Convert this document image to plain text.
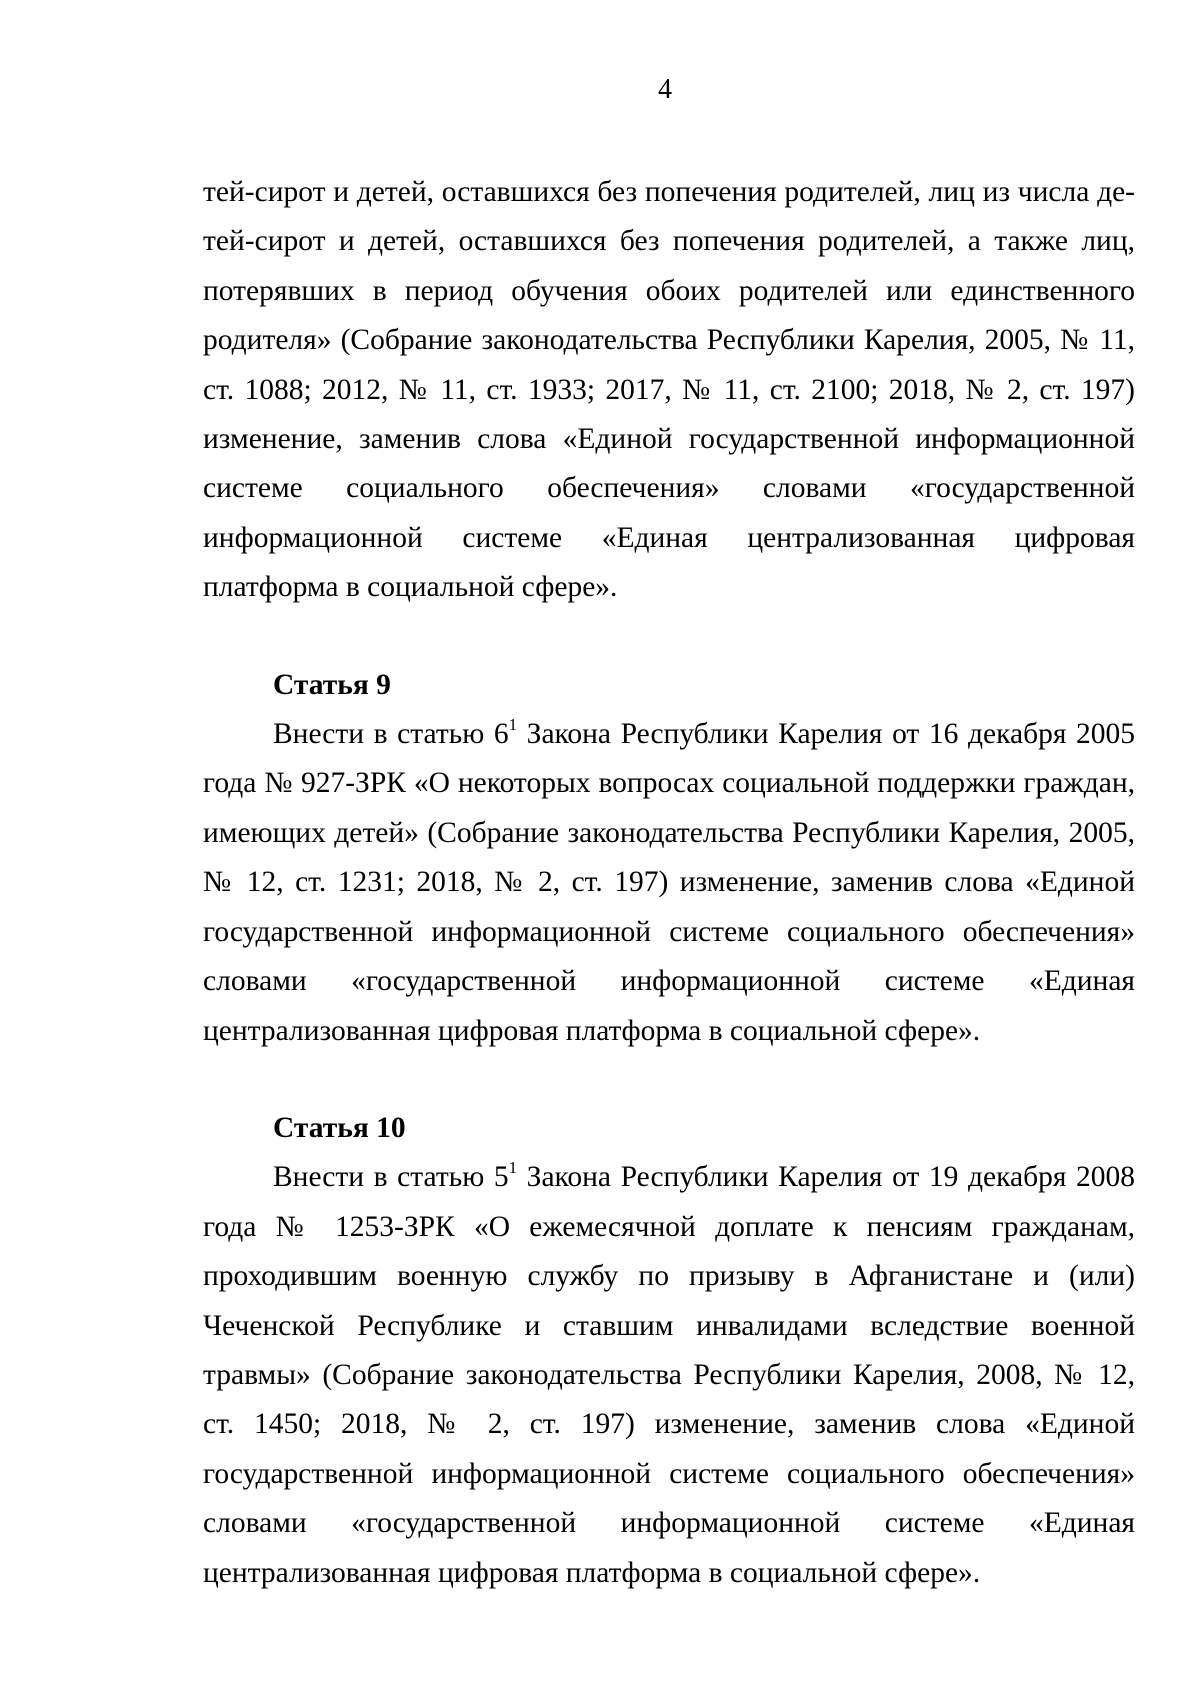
4

тей-сирот и детей, оставшихся без попечения родителей, лиц из числа детей-сирот и детей, оставшихся без попечения родителей, а также лиц, потерявших в период обучения обоих родителей или единственного родителя» (Собрание законодательства Республики Карелия, 2005, № 11, ст. 1088; 2012, № 11, ст. 1933; 2017, № 11, ст. 2100; 2018, № 2, ст. 197) изменение, заменив слова «Единой государственной информационной системе социального обеспечения» словами «государственной информационной системе «Единая централизованная цифровая платформа в социальной сфере».

Статья 9

Внести в статью $6^1$ Закона Республики Карелия от 16 декабря 2005 года № 927-ЗРК «О некоторых вопросах социальной поддержки граждан, имеющих детей» (Собрание законодательства Республики Карелия, 2005, № 12, ст. 1231; 2018, № 2, ст. 197) изменение, заменив слова «Единой государственной информационной системе социального обеспечения» словами «государственной информационной системе «Единая централизованная цифровая платформа в социальной сфере».

Статья 10

Внести в статью $5^1$ Закона Республики Карелия от 19 декабря 2008 года № 1253-ЗРК «О ежемесячной доплате к пенсиям гражданам, проходившим военную службу по призыву в Афганистане и (или) Чеченской Республике и ставшим инвалидами вследствие военной травмы» (Собрание законодательства Республики Карелия, 2008, № 12, ст. 1450; 2018, № 2, ст. 197) изменение, заменив слова «Единой государственной информационной системе социального обеспечения» словами «государственной информационной системе «Единая централизованная цифровая платформа в социальной сфере».
